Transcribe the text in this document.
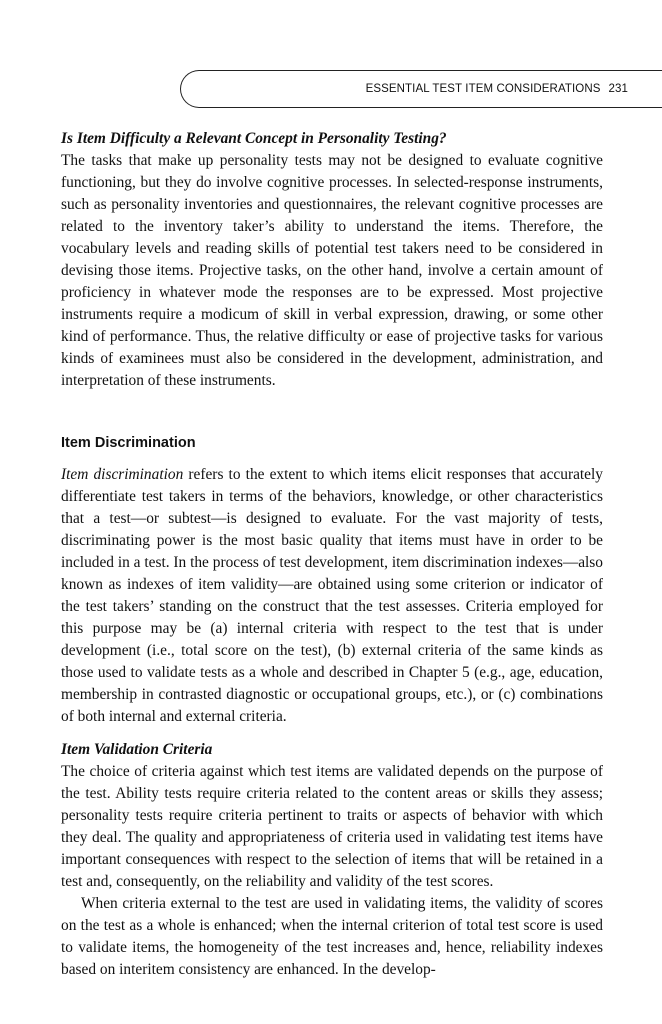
ESSENTIAL TEST ITEM CONSIDERATIONS 231
Is Item Difficulty a Relevant Concept in Personality Testing?

The tasks that make up personality tests may not be designed to evaluate cognitive functioning, but they do involve cognitive processes. In selected-response instruments, such as personality inventories and questionnaires, the relevant cognitive processes are related to the inventory taker’s ability to understand the items. Therefore, the vocabulary levels and reading skills of potential test takers need to be considered in devising those items. Projective tasks, on the other hand, involve a certain amount of proficiency in whatever mode the responses are to be expressed. Most projective instruments require a modicum of skill in verbal expression, drawing, or some other kind of performance. Thus, the relative difficulty or ease of projective tasks for various kinds of examinees must also be considered in the development, administration, and interpretation of these instruments.

Item Discrimination

Item discrimination refers to the extent to which items elicit responses that accurately differentiate test takers in terms of the behaviors, knowledge, or other characteristics that a test—or subtest—is designed to evaluate. For the vast majority of tests, discriminating power is the most basic quality that items must have in order to be included in a test. In the process of test development, item discrimination indexes—also known as indexes of item validity—are obtained using some criterion or indicator of the test takers’ standing on the construct that the test assesses. Criteria employed for this purpose may be (a) internal criteria with respect to the test that is under development (i.e., total score on the test), (b) external criteria of the same kinds as those used to validate tests as a whole and described in Chapter 5 (e.g., age, education, membership in contrasted diagnostic or occupational groups, etc.), or (c) combinations of both internal and external criteria.

Item Validation Criteria

The choice of criteria against which test items are validated depends on the purpose of the test. Ability tests require criteria related to the content areas or skills they assess; personality tests require criteria pertinent to traits or aspects of behavior with which they deal. The quality and appropriateness of criteria used in validating test items have important consequences with respect to the selection of items that will be retained in a test and, consequently, on the reliability and validity of the test scores.

When criteria external to the test are used in validating items, the validity of scores on the test as a whole is enhanced; when the internal criterion of total test score is used to validate items, the homogeneity of the test increases and, hence, reliability indexes based on interitem consistency are enhanced. In the develop-
